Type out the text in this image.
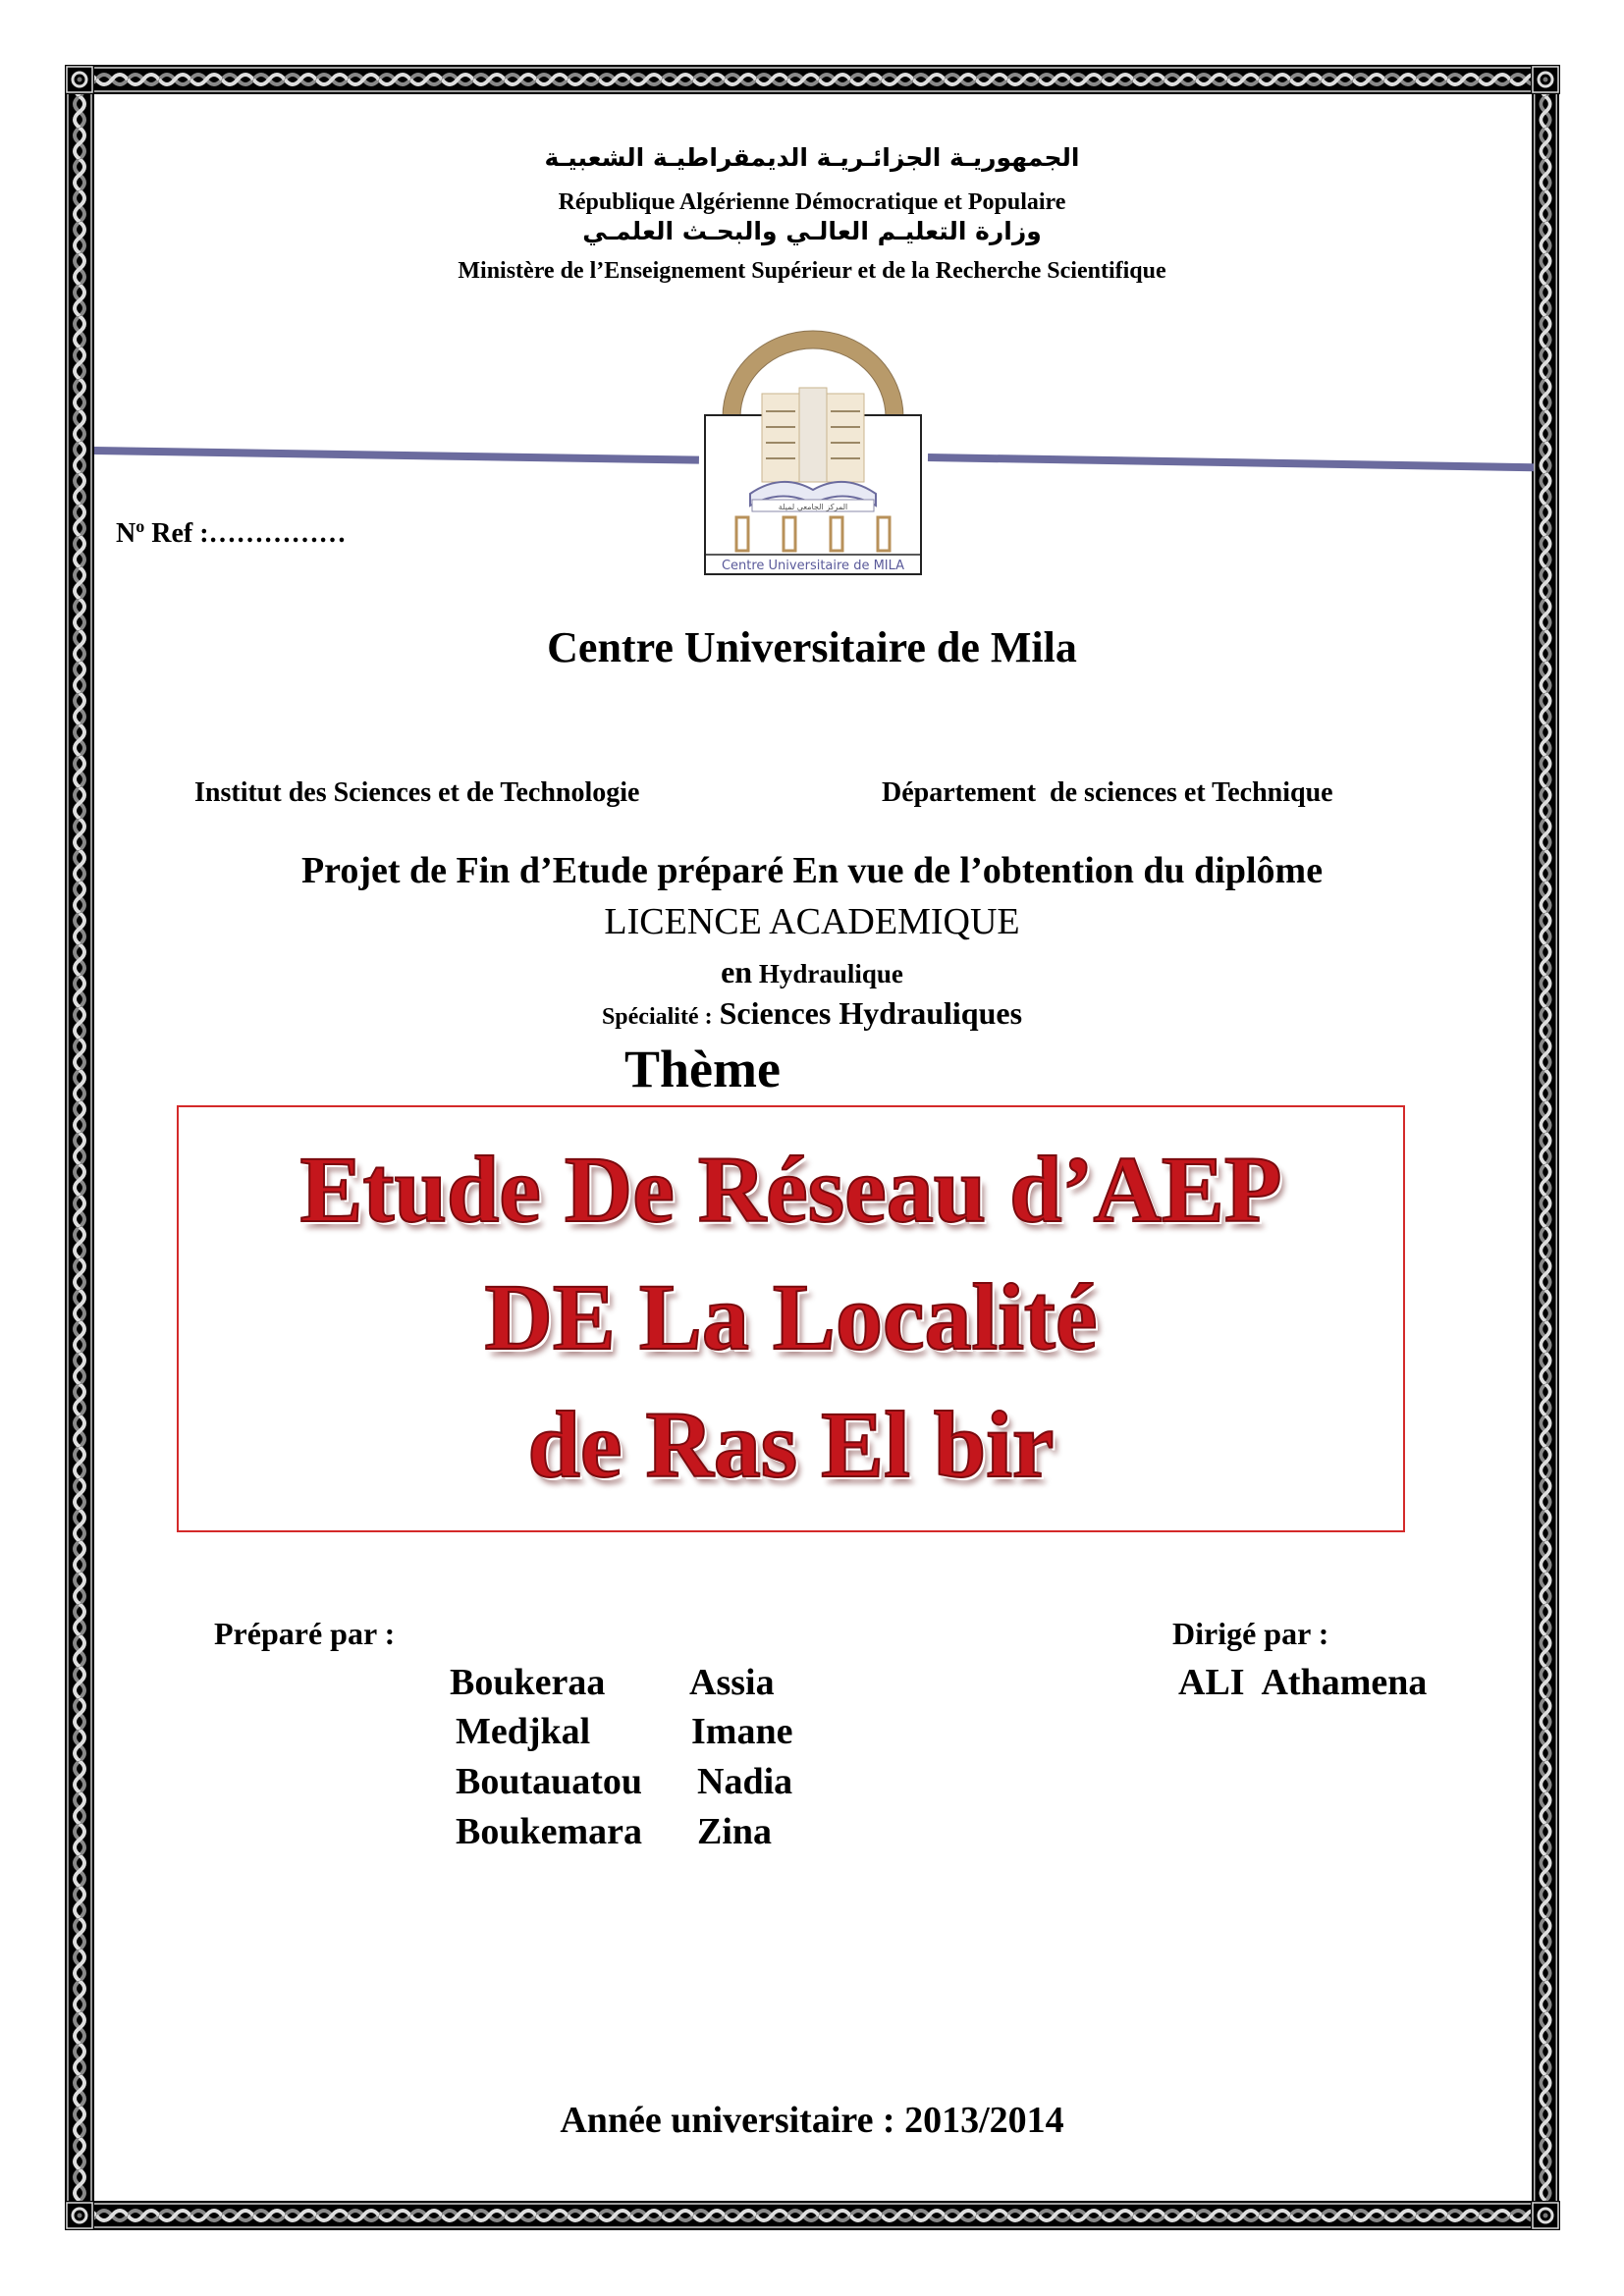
الجمهوريـة الجزائـريـة الديمقراطيـة الشعبيـة
République Algérienne Démocratique et Populaire
وزارة التعليـم العالـي والبحـث العلمـي
Ministère de l’Enseignement Supérieur et de la Recherche Scientifique
المركز الجامعي لميلة
Centre Universitaire de MILA
$N^o$ Ref :……………
Centre Universitaire de Mila
Institut des Sciences et de Technologie	Département  de sciences et Technique
Projet de Fin d’Etude préparé En vue de l’obtention du diplôme
LICENCE ACADEMIQUE
en Hydraulique
Spécialité : Sciences Hydrauliques
Thème
Etude De Réseau d’AEP
DE La Localité
de Ras El bir
Préparé par :
Boukeraa Assia
Medjkal	Imane
Boutauatou Nadia
Boukemara Zina
Dirigé par :
ALI  Athamena
Année universitaire : 2013/2014
